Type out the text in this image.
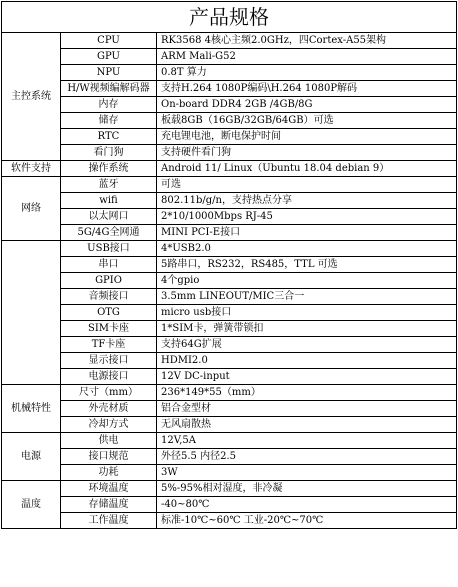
产品规格		
主控系统	CPU	RK3568 4核心主频2.0GHz，四Cortex-A55架构
	GPU	ARM Mali-G52
	NPU	0.8T 算力
	H/W视频编解码器	支持H.264 1080P编码\H.264 1080P解码
	内存	On-board DDR4 2GB /4GB/8G
	储存	板载8GB（16GB/32GB/64GB）可选
	RTC	充电锂电池，断电保护时间
	看门狗	支持硬件看门狗
软件支持	操作系统	Android 11/ Linux（Ubuntu 18.04 debian 9）
网络	蓝牙	可选
	wifi	802.11b/g/n，支持热点分享
	以太网口	2*10/1000Mbps RJ-45
	5G/4G全网通	MINI PCI-E接口
	USB接口	4*USB2.0
	串口	5路串口，RS232，RS485，TTL 可选
	GPIO	4个gpio
	音频接口	3.5mm LINEOUT/MIC三合一
	OTG	micro usb接口
	SIM卡座	1*SIM卡，弹簧带锁扣
	TF卡座	支持64G扩展
	显示接口	HDMI2.0
	电源接口	12V DC-input
机械特性	尺寸（mm）	236*149*55（mm）
	外壳材质	铝合金型材
	冷却方式	无风扇散热
电源	供电	12V,5A
	接口规范	外径5.5 内径2.5
	功耗	3W
温度	环境温度	5%-95%相对湿度，非冷凝
	存储温度	-40~80℃
	工作温度	标准-10℃~60℃ 工业-20℃~70℃
